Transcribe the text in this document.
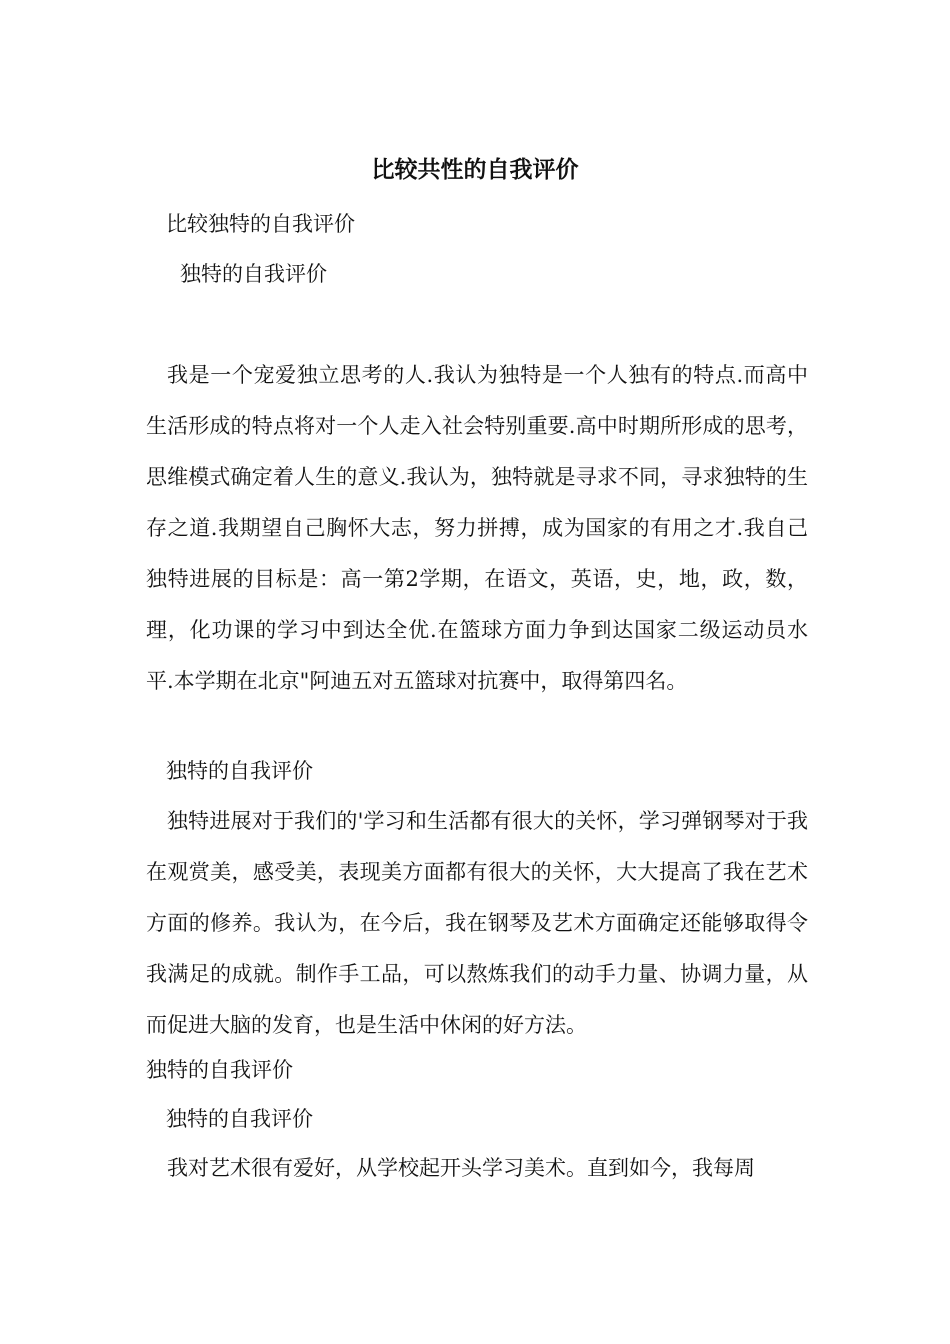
比较共性的自我评价

比较独特的自我评价

独特的自我评价

我是一个宠爱独立思考的人.我认为独特是一个人独有的特点.而高中生活形成的特点将对一个人走入社会特别重要.高中时期所形成的思考，思维模式确定着人生的意义.我认为，独特就是寻求不同，寻求独特的生存之道.我期望自己胸怀大志，努力拼搏，成为国家的有用之才.我自己独特进展的目标是：高一第2学期，在语文，英语，史，地，政，数，理，化功课的学习中到达全优.在篮球方面力争到达国家二级运动员水平.本学期在北京"阿迪五对五篮球对抗赛中，取得第四名。

独特的自我评价

独特进展对于我们的'学习和生活都有很大的关怀，学习弹钢琴对于我在观赏美，感受美，表现美方面都有很大的关怀，大大提高了我在艺术方面的修养。我认为，在今后，我在钢琴及艺术方面确定还能够取得令我满足的成就。制作手工品，可以熬炼我们的动手力量、协调力量，从而促进大脑的发育，也是生活中休闲的好方法。

独特的自我评价

独特的自我评价

我对艺术很有爱好，从学校起开头学习美术。直到如今，我每周
